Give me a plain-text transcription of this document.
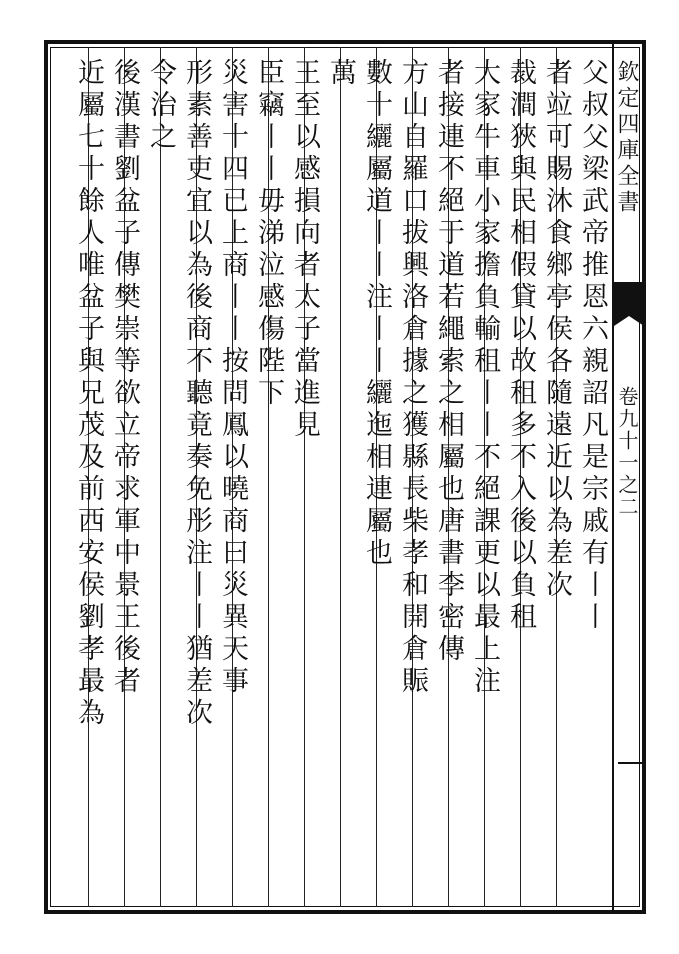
欽定四庫全書
卷九十一之二
父叔父梁武帝推恩六親詔凡是宗戚有丨丨
者竝可賜沐食鄉亭侯各隨遠近以為差次
裁澗狹與民相假貸以故租多不入後以負租
大家牛車小家擔負輸租丨丨不絕課更以最上注
者接連不絕于道若繩索之相屬也唐書李密傳
方山自羅口拔興洛倉據之獲縣長柴孝和開倉賑
數十纚屬道丨丨注丨丨纚迤相連屬也
萬
王至以感損向者太子當進見
臣竊丨丨毋涕泣感傷陛下
災害十四已上商丨丨按問鳳以曉商曰災異天事
形素善吏宜以為後商不聽竟奏免彤注丨丨猶差次
令治之
後漢書劉盆子傳樊崇等欲立帝求軍中景王後者
近屬七十餘人唯盆子與兄茂及前西安侯劉孝最為
